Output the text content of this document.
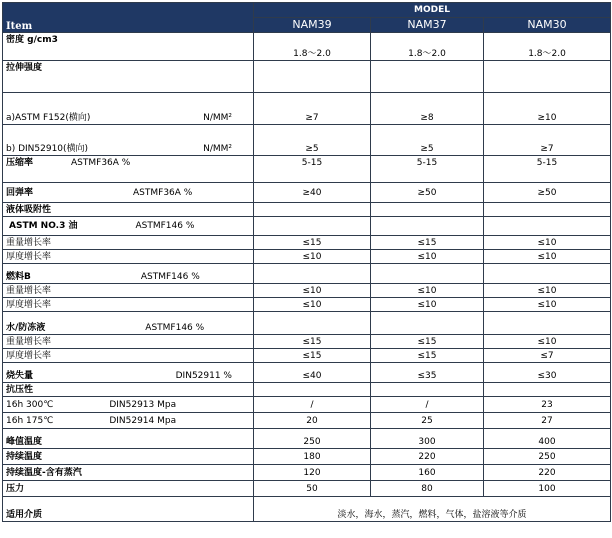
Item	MODEL		
	NAM39	NAM37	NAM30
密度 g/cm3	1.8～2.0	1.8～2.0	1.8～2.0
拉伸强度			

a)ASTM F152(横向) N/MM²	≥7	≥8	≥10

b) DIN52910(横向) N/MM²	≥5	≥5	≥7

压缩率 ASTMF36A %	5-15	5-15	5-15

回弹率 ASTMF36A %	≥40	≥50	≥50
液体吸附性			

ASTM NO.3 油 ASTMF146 %			

重量增长率	≤15	≤15	≤10
厚度增长率	≤10	≤10	≤10

燃料B ASTMF146 %			

重量增长率	≤10	≤10	≤10
厚度增长率	≤10	≤10	≤10

水/防冻液 ASTMF146 %			

重量增长率	≤15	≤15	≤10
厚度增长率	≤15	≤15	≤7

烧失量 DIN52911 %	≤40	≤35	≤30
抗压性			

16h 300℃ DIN52913 Mpa	/	/	23

16h 175℃ DIN52914 Mpa	20	25	27
峰值温度	250	300	400
持续温度	180	220	250
持续温度-含有蒸汽	120	160	220
压力	50	80	100
适用介质	淡水，海水，蒸汽，燃料，气体，盐溶液等介质		
